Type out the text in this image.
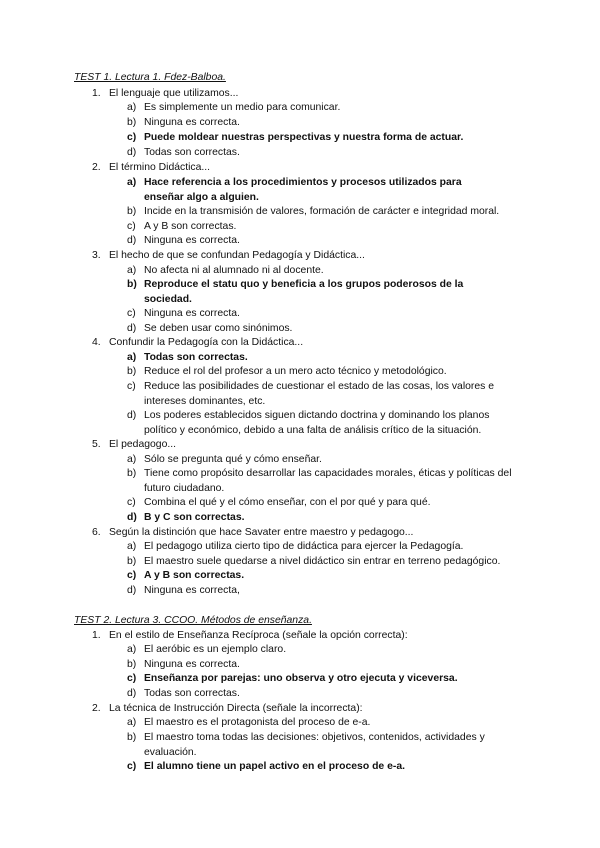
TEST 1. Lectura 1. Fdez-Balboa.
1. El lenguaje que utilizamos...
a) Es simplemente un medio para comunicar.
b) Ninguna es correcta.
c) Puede moldear nuestras perspectivas y nuestra forma de actuar.
d) Todas son correctas.
2. El término Didáctica...
a) Hace referencia a los procedimientos y procesos utilizados para enseñar algo a alguien.
b) Incide en la transmisión de valores, formación de carácter e integridad moral.
c) A y B son correctas.
d) Ninguna es correcta.
3. El hecho de que se confundan Pedagogía y Didáctica...
a) No afecta ni al alumnado ni al docente.
b) Reproduce el statu quo y beneficia a los grupos poderosos de la sociedad.
c) Ninguna es correcta.
d) Se deben usar como sinónimos.
4. Confundir la Pedagogía con la Didáctica...
a) Todas son correctas.
b) Reduce el rol del profesor a un mero acto técnico y metodológico.
c) Reduce las posibilidades de cuestionar el estado de las cosas, los valores e intereses dominantes, etc.
d) Los poderes establecidos siguen dictando doctrina y dominando los planos político y económico, debido a una falta de análisis crítico de la situación.
5. El pedagogo...
a) Sólo se pregunta qué y cómo enseñar.
b) Tiene como propósito desarrollar las capacidades morales, éticas y políticas del futuro ciudadano.
c) Combina el qué y el cómo enseñar, con el por qué y para qué.
d) B y C son correctas.
6. Según la distinción que hace Savater entre maestro y pedagogo...
a) El pedagogo utiliza cierto tipo de didáctica para ejercer la Pedagogía.
b) El maestro suele quedarse a nivel didáctico sin entrar en terreno pedagógico.
c) A y B son correctas.
d) Ninguna es correcta,
TEST 2. Lectura 3. CCOO. Métodos de enseñanza.
1. En el estilo de Enseñanza Recíproca (señale la opción correcta):
a) El aeróbic es un ejemplo claro.
b) Ninguna es correcta.
c) Enseñanza por parejas: uno observa y otro ejecuta y viceversa.
d) Todas son correctas.
2. La técnica de Instrucción Directa (señale la incorrecta):
a) El maestro es el protagonista del proceso de e-a.
b) El maestro toma todas las decisiones: objetivos, contenidos, actividades y evaluación.
c) El alumno tiene un papel activo en el proceso de e-a.
